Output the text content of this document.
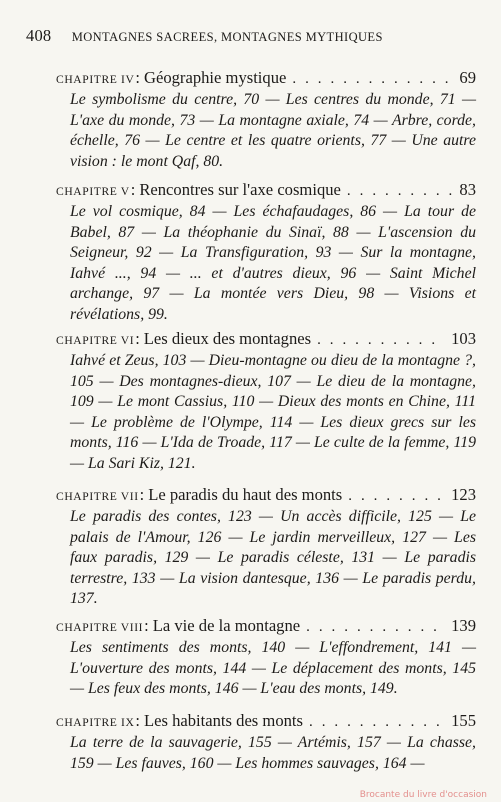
408 MONTAGNES SACREES, MONTAGNES MYTHIQUES
CHAPITRE IV : Géographie mystique . . .	69
Le symbolisme du centre, 70 — Les centres du monde, 71 — L'axe du monde, 73 — La montagne axiale, 74 — Arbre, corde, échelle, 76 — Le centre et les quatre orients, 77 — Une autre vision : le mont Qaf, 80.
CHAPITRE V : Rencontres sur l'axe cosmique . . .	83
Le vol cosmique, 84 — Les échafaudages, 86 — La tour de Babel, 87 — La théophanie du Sinaï, 88 — L'ascension du Seigneur, 92 — La Transfiguration, 93 — Sur la montagne, Iahvé ..., 94 — ... et d'autres dieux, 96 — Saint Michel archange, 97 — La montée vers Dieu, 98 — Visions et révélations, 99.
CHAPITRE VI : Les dieux des montagnes . . .	103
Iahvé et Zeus, 103 — Dieu-montagne ou dieu de la montagne ?, 105 — Des montagnes-dieux, 107 — Le dieu de la montagne, 109 — Le mont Cassius, 110 — Dieux des monts en Chine, 111 — Le problème de l'Olympe, 114 — Les dieux grecs sur les monts, 116 — L'Ida de Troade, 117 — Le culte de la femme, 119 — La Sari Kiz, 121.
CHAPITRE VII : Le paradis du haut des monts . . .	123
Le paradis des contes, 123 — Un accès difficile, 125 — Le palais de l'Amour, 126 — Le jardin merveilleux, 127 — Les faux paradis, 129 — Le paradis céleste, 131 — Le paradis terrestre, 133 — La vision dantesque, 136 — Le paradis perdu, 137.
CHAPITRE VIII : La vie de la montagne . . .	139
Les sentiments des monts, 140 — L'effondrement, 141 — L'ouverture des monts, 144 — Le déplacement des monts, 145 — Les feux des monts, 146 — L'eau des monts, 149.
CHAPITRE IX : Les habitants des monts . . .	155
La terre de la sauvagerie, 155 — Artémis, 157 — La chasse, 159 — Les fauves, 160 — Les hommes sauvages, 164 —
Brocante du livre d'occasion
